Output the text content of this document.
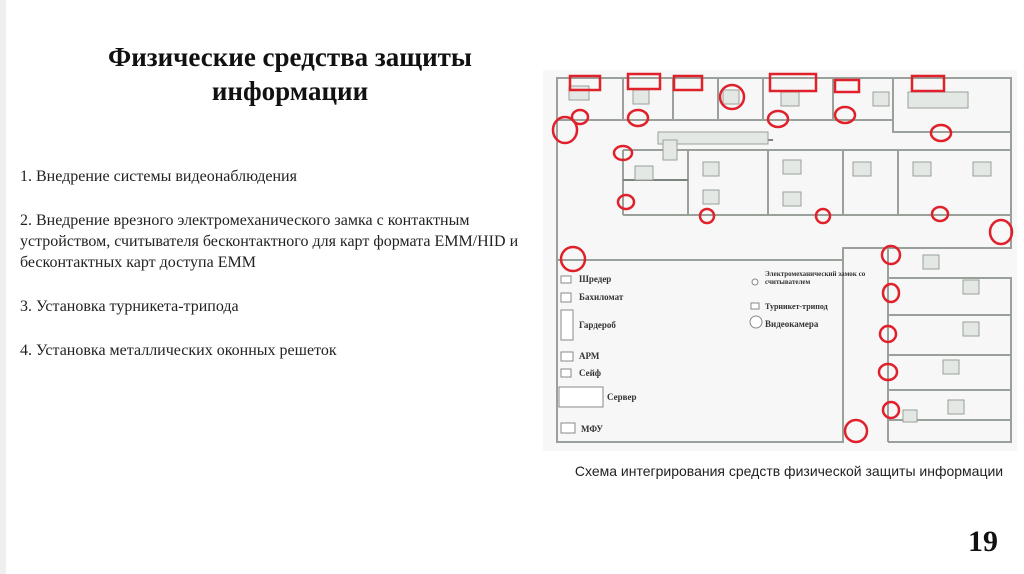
Физические средства защиты информации
1. Внедрение системы видеонаблюдения
2. Внедрение врезного электромеханического замка с контактным устройством, считывателя бесконтактного для карт формата EMM/HID и бесконтактных карт доступа EMM
3. Установка турникета-трипода
4. Установка металлических оконных решеток
Шредер
Бахиломат
Гардероб
АРМ
Сейф
Сервер
МФУ
Электромеханический замок со считывателем
Турникет-трипод
Видеокамера
Схема интегрирования средств физической защиты информации
19
